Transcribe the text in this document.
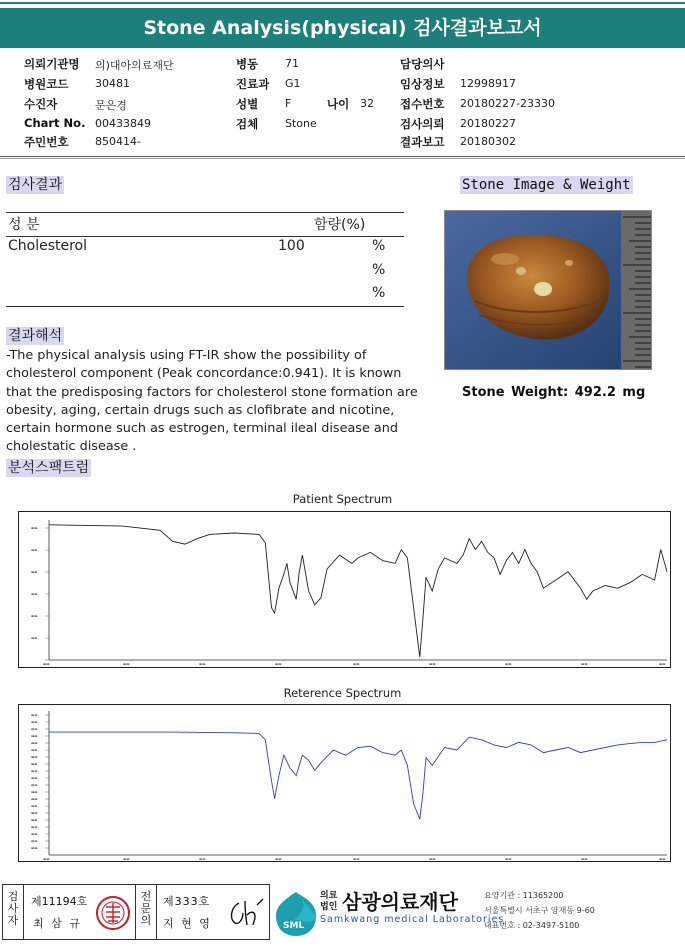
Stone Analysis(physical) 검사결과보고서
의뢰기관명 의)대아의료재단
병원코드 30481
수진자	문은경
Chart No. 00433849
주민번호 850414-
병동 71
진료과 G1
성별 F	나이 32
검체 Stone
담당의사
임상정보 12998917
접수번호 20180227-23330
검사의뢰 20180227
결과보고 20180302
검사결과	Stone Image & Weight
성 분	함량(%)
Cholesterol	100	%
%
%
Stone Weight: 492.2 mg
결과해석
-The physical analysis using FT-IR show the possibility of cholesterol component (Peak concordance:0.941). It is known that the predisposing factors for cholesterol stone formation are obesity, aging, certain drugs such as clofibrate and nicotine, certain hormone such as estrogen, terminal ileal disease and cholestatic disease .
분석스팩트럼
Patient Spectrum
▬▬
▬▬
▬▬
▬▬
▬▬
▬▬
▬▬	▬▬	▬▬	▬▬	▬▬	▬▬	▬▬	▬▬	▬▬
Reterence Spectrum
▬▬
▬▬
▬▬
▬▬
▬▬
▬▬
▬▬
▬▬
▬▬
▬▬
▬▬
▬▬
▬▬
▬▬
▬▬
▬▬
▬▬
▬▬
▬▬
▬▬
▬▬	▬▬	▬▬	▬▬	▬▬	▬▬	▬▬	▬▬	▬▬
검사자
제11194호
최 삼 규
전문의
제333호
지 현 영	SML
의료
법인 삼광의료재단
Samkwang medical Laboratories
요양기관 : 11365200
서울특별시 서초구 양재동 9-60
대표번호 : 02-3497-5100
